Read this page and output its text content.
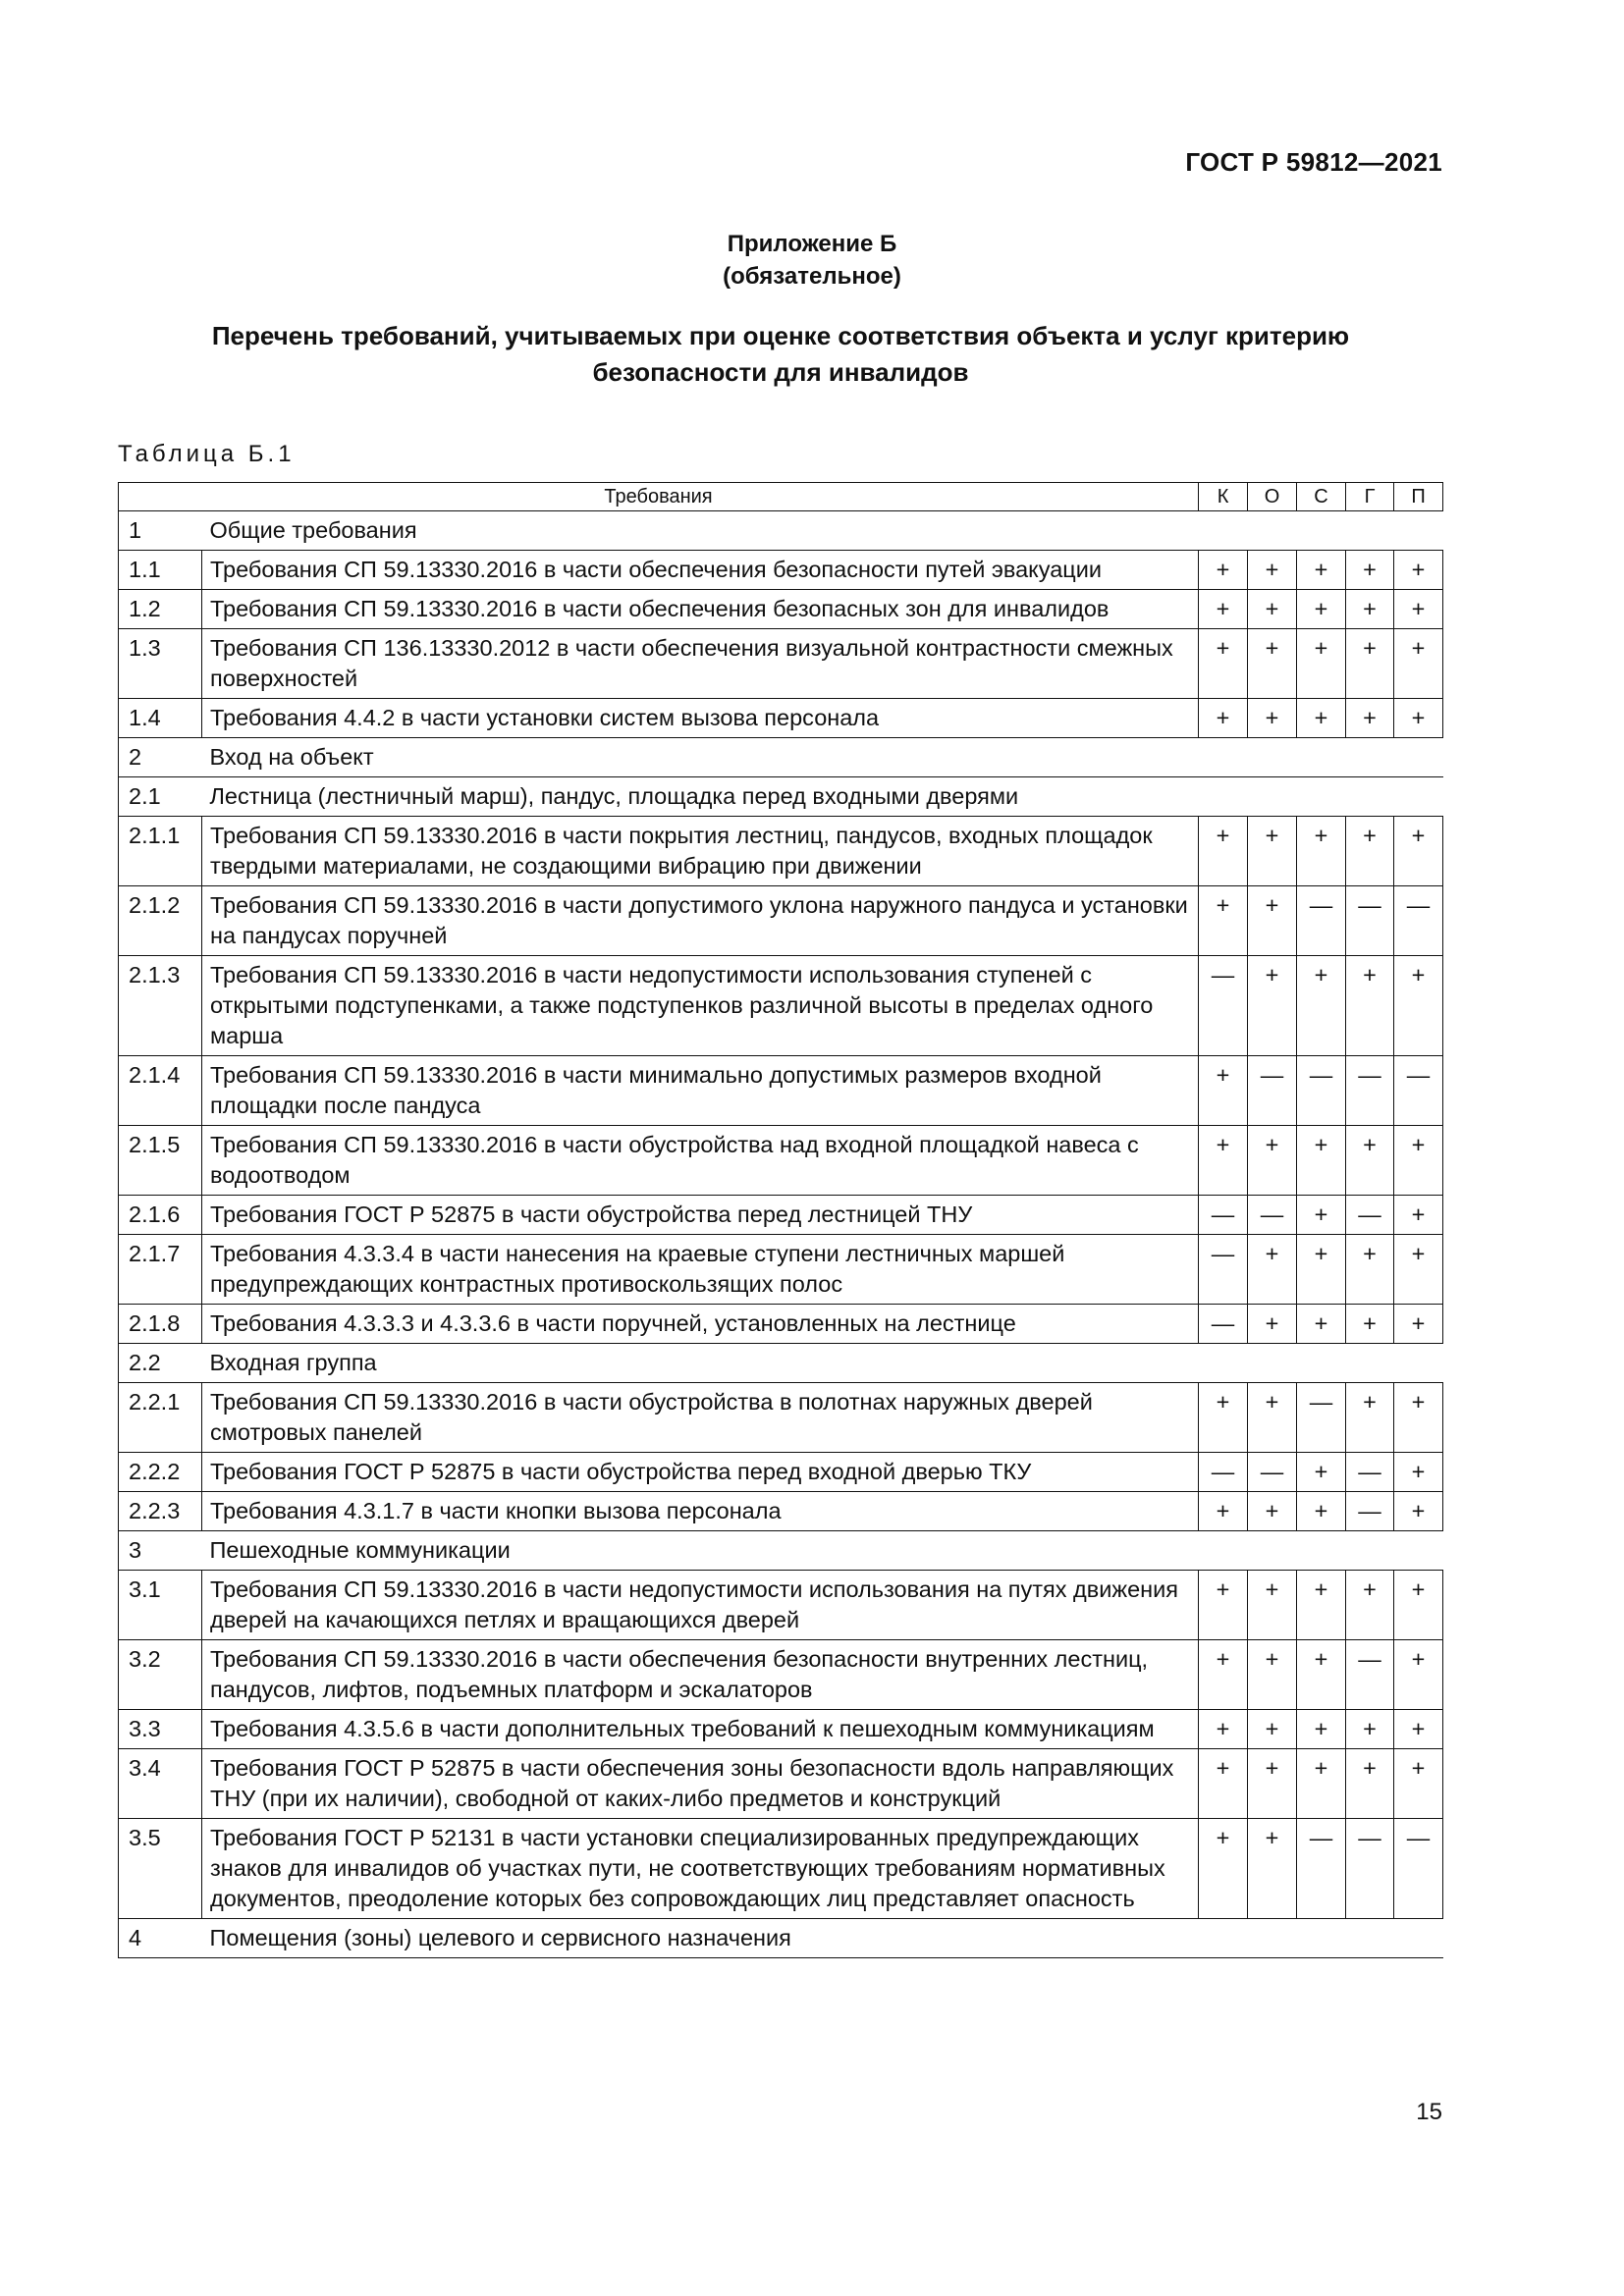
ГОСТ Р 59812—2021
Приложение Б
(обязательное)
Перечень требований, учитываемых при оценке соответствия объекта и услуг критерию безопасности для инвалидов
Таблица Б.1
Требования		К	О	С	Г	П
1	Общие требования					
1.1	Требования СП 59.13330.2016 в части обеспечения безопасности путей эвакуации	+	+	+	+	+
1.2	Требования СП 59.13330.2016 в части обеспечения безопасных зон для инвалидов	+	+	+	+	+
1.3	Требования СП 136.13330.2012 в части обеспечения визуальной контрастности смежных поверхностей	+	+	+	+	+
1.4	Требования 4.4.2 в части установки систем вызова персонала	+	+	+	+	+
2	Вход на объект					
2.1	Лестница (лестничный марш), пандус, площадка перед входными дверями					
2.1.1	Требования СП 59.13330.2016 в части покрытия лестниц, пандусов, входных площадок твердыми материалами, не создающими вибрацию при движении	+	+	+	+	+
2.1.2	Требования СП 59.13330.2016 в части допустимого уклона наружного пандуса и установки на пандусах поручней	+	+	—	—	—
2.1.3	Требования СП 59.13330.2016 в части недопустимости использования ступеней с открытыми подступенками, а также подступенков различной высоты в пределах одного марша	—	+	+	+	+
2.1.4	Требования СП 59.13330.2016 в части минимально допустимых размеров входной площадки после пандуса	+	—	—	—	—
2.1.5	Требования СП 59.13330.2016 в части обустройства над входной площадкой навеса с водоотводом	+	+	+	+	+
2.1.6	Требования ГОСТ Р 52875 в части обустройства перед лестницей ТНУ	—	—	+	—	+
2.1.7	Требования 4.3.3.4 в части нанесения на краевые ступени лестничных маршей предупреждающих контрастных противоскользящих полос	—	+	+	+	+
2.1.8	Требования 4.3.3.3 и 4.3.3.6 в части поручней, установленных на лестнице	—	+	+	+	+
2.2	Входная группа					
2.2.1	Требования СП 59.13330.2016 в части обустройства в полотнах наружных дверей смотровых панелей	+	+	—	+	+
2.2.2	Требования ГОСТ Р 52875 в части обустройства перед входной дверью ТКУ	—	—	+	—	+
2.2.3	Требования 4.3.1.7 в части кнопки вызова персонала	+	+	+	—	+
3	Пешеходные коммуникации					
3.1	Требования СП 59.13330.2016 в части недопустимости использования на путях движения дверей на качающихся петлях и вращающихся дверей	+	+	+	+	+
3.2	Требования СП 59.13330.2016 в части обеспечения безопасности внутренних лестниц, пандусов, лифтов, подъемных платформ и эскалаторов	+	+	+	—	+
3.3	Требования 4.3.5.6 в части дополнительных требований к пешеходным коммуникациям	+	+	+	+	+
3.4	Требования ГОСТ Р 52875 в части обеспечения зоны безопасности вдоль направляющих ТНУ (при их наличии), свободной от каких-либо предметов и конструкций	+	+	+	+	+
3.5	Требования ГОСТ Р 52131 в части установки специализированных предупреждающих знаков для инвалидов об участках пути, не соответствующих требованиям нормативных документов, преодоление которых без сопровождающих лиц представляет опасность	+	+	—	—	—
4	Помещения (зоны) целевого и сервисного назначения					
15
